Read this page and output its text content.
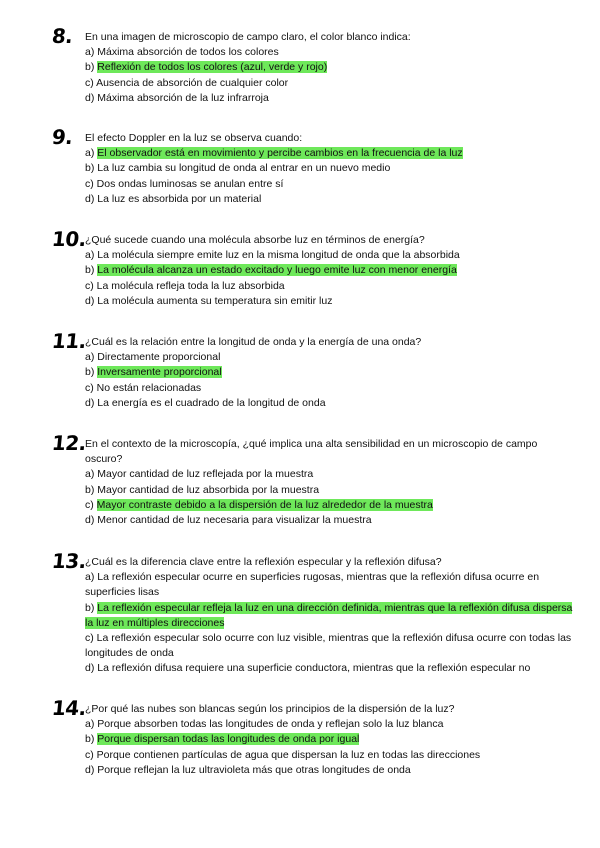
8. En una imagen de microscopio de campo claro, el color blanco indica:
a) Máxima absorción de todos los colores
b) Reflexión de todos los colores (azul, verde y rojo)
c) Ausencia de absorción de cualquier color
d) Máxima absorción de la luz infrarroja
9. El efecto Doppler en la luz se observa cuando:
a) El observador está en movimiento y percibe cambios en la frecuencia de la luz
b) La luz cambia su longitud de onda al entrar en un nuevo medio
c) Dos ondas luminosas se anulan entre sí
d) La luz es absorbida por un material
10.
¿Qué sucede cuando una molécula absorbe luz en términos de energía?
a) La molécula siempre emite luz en la misma longitud de onda que la absorbida
b) La molécula alcanza un estado excitado y luego emite luz con menor energía
c) La molécula refleja toda la luz absorbida
d) La molécula aumenta su temperatura sin emitir luz
11.
¿Cuál es la relación entre la longitud de onda y la energía de una onda?
a) Directamente proporcional
b) Inversamente proporcional
c) No están relacionadas
d) La energía es el cuadrado de la longitud de onda
12.
En el contexto de la microscopía, ¿qué implica una alta sensibilidad en un microscopio de campo oscuro?
a) Mayor cantidad de luz reflejada por la muestra
b) Mayor cantidad de luz absorbida por la muestra
c) Mayor contraste debido a la dispersión de la luz alrededor de la muestra
d) Menor cantidad de luz necesaria para visualizar la muestra
13.
¿Cuál es la diferencia clave entre la reflexión especular y la reflexión difusa?
a) La reflexión especular ocurre en superficies rugosas, mientras que la reflexión difusa ocurre en superficies lisas
b) La reflexión especular refleja la luz en una dirección definida, mientras que la reflexión difusa dispersa la luz en múltiples direcciones
c) La reflexión especular solo ocurre con luz visible, mientras que la reflexión difusa ocurre con todas las longitudes de onda
d) La reflexión difusa requiere una superficie conductora, mientras que la reflexión especular no
14.
¿Por qué las nubes son blancas según los principios de la dispersión de la luz?
a) Porque absorben todas las longitudes de onda y reflejan solo la luz blanca
b) Porque dispersan todas las longitudes de onda por igual
c) Porque contienen partículas de agua que dispersan la luz en todas las direcciones
d) Porque reflejan la luz ultravioleta más que otras longitudes de onda
